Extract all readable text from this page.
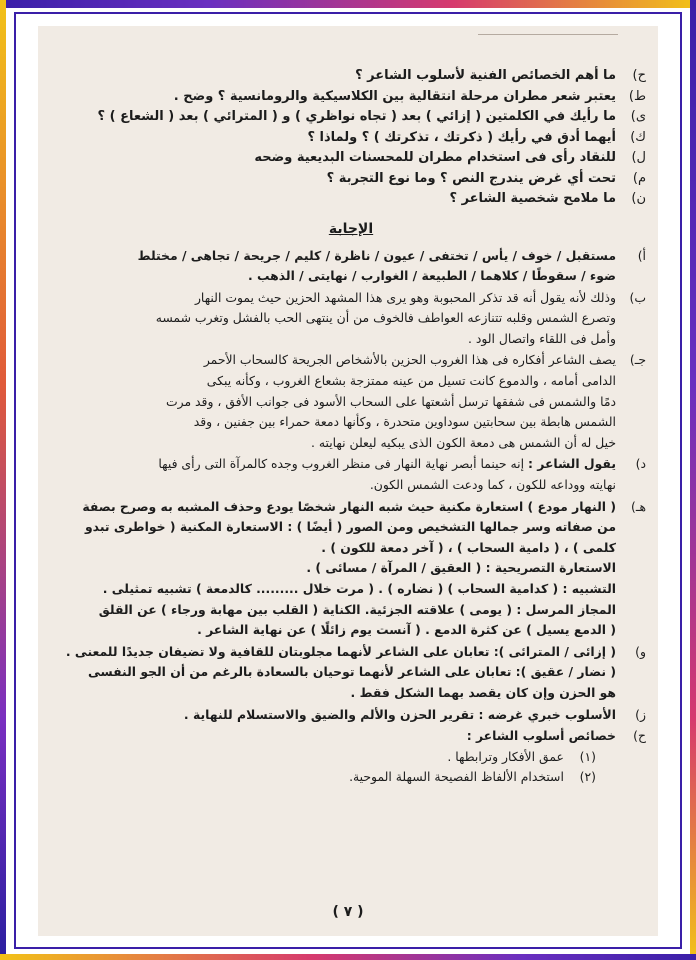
ح)
ما أهم الخصائص الفنية لأسلوب الشاعر ؟
ط)
يعتبر شعر مطران مرحلة انتقالية بين الكلاسيكية والرومانسية ؟ وضح .
ى)
ما رأيك في الكلمتين ( إزائي ) بعد ( تجاه نواظري ) و ( المترائي ) بعد ( الشعاع ) ؟
ك)
أيهما أدق في رأيك ( ذكرتك ، تذكرتك ) ؟ ولماذا ؟
ل)
للنقاد رأى فى استخدام مطران للمحسنات البديعية وضحه
م)
تحت أي غرض يندرج النص ؟ وما نوع التجربة ؟
ن)
ما ملامح شخصية الشاعر ؟
الإجابة
أ)
مستقبل / خوف / يأس / تختفى / عيون / ناظرة / كليم / جريحة / تجاهى / مختلط
ضوء / سقوطًا / كلاهما / الطبيعة / الغوارب / نهايتى / الذهب .
ب)
وذلك لأنه يقول أنه قد تذكر المحبوبة وهو يرى هذا المشهد الحزين حيث يموت النهار
وتصرع الشمس وقلبه تتنازعه العواطف فالخوف من أن ينتهى الحب بالفشل وتغرب شمسه
وأمل فى اللقاء واتصال الود .
جـ)
يصف الشاعر أفكاره فى هذا الغروب الحزين بالأشخاص الجريحة كالسحاب الأحمر
الدامى أمامه ، والدموع كانت تسيل من عينه ممتزجة بشعاع الغروب ، وكأنه يبكى
دمًا والشمس فى شفقها ترسل أشعتها على السحاب الأسود فى جوانب الأفق ، وقد مرت
الشمس هابطة بين سحابتين سوداوين متحدرة ، وكأنها دمعة حمراء بين جفنين ، وقد
خيل له أن الشمس هى دمعة الكون الذى يبكيه ليعلن نهايته .
د)
يقول الشاعر : إنه حينما أبصر نهاية النهار فى منظر الغروب وجده كالمرآة التى رأى فيها
نهايته ووداعه للكون ، كما ودعت الشمس الكون.
هـ)
( النهار مودع ) استعارة مكنية حيث شبه النهار شخصًا يودع وحذف المشبه به وصرح بصفة
من صفاته وسر جمالها التشخيص ومن الصور ( أيضًا ) : الاستعارة المكنية ( خواطرى تبدو
كلمى ) ، ( دامية السحاب ) ، ( آخر دمعة للكون ) .
الاستعارة التصريحية : ( العقيق / المرآة / مسائى ) .
التشبيه : ( كدامية السحاب ) ( نضاره ) . ( مرت خلال ......... كالدمعة ) تشبيه تمثيلى .
المجاز المرسل : ( يومى ) علاقته الجزئية. الكناية ( القلب بين مهابة ورجاء ) عن القلق
( الدمع يسيل ) عن كثرة الدمع . ( آنست يوم زائلًا ) عن نهاية الشاعر .
و)
( إزائى / المترائى ): تعابان على الشاعر لأنهما مجلوبتان للقافية ولا تضيفان جديدًا للمعنى .
( نضار / عقيق ): تعابان على الشاعر لأنهما توحيان بالسعادة بالرغم من أن الجو النفسى
هو الحزن وإن كان يقصد بهما الشكل فقط .
ز)
الأسلوب خبري غرضه : تقرير الحزن والألم والضيق والاستسلام للنهاية .
ح)
خصائص أسلوب الشاعر :
(١)    عمق الأفكار وترابطها .
(٢)    استخدام الألفاظ الفصيحة السهلة الموحية.
( ٧ )
